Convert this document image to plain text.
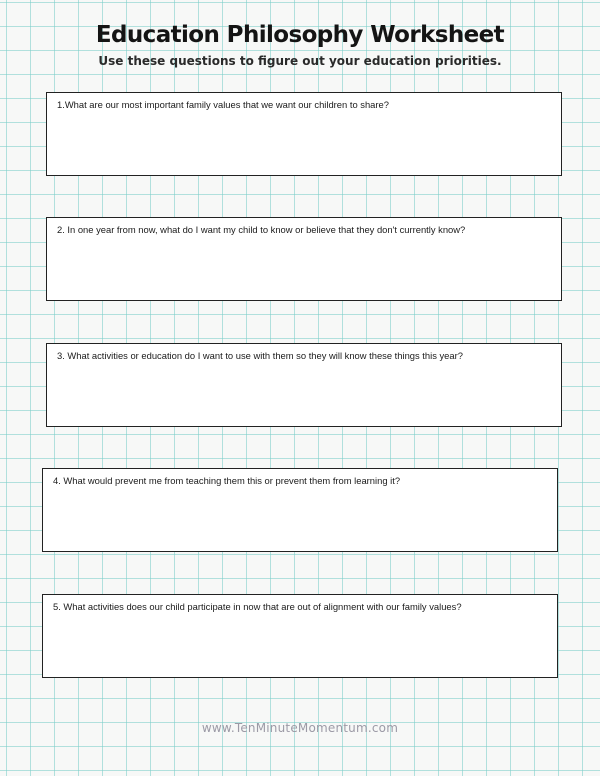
Education Philosophy Worksheet

Use these questions to figure out your education priorities.

1.What are our most important family values that we want our children to share?

2. In one year from now, what do I want my child to know or believe that they don't currently know?

3. What activities or education do I want to use with them so they will know these things this year?

4. What would prevent me from teaching them this or prevent them from learning it?

5. What activities does our child participate in now that are out of alignment with our family values?

www.TenMinuteMomentum.com
